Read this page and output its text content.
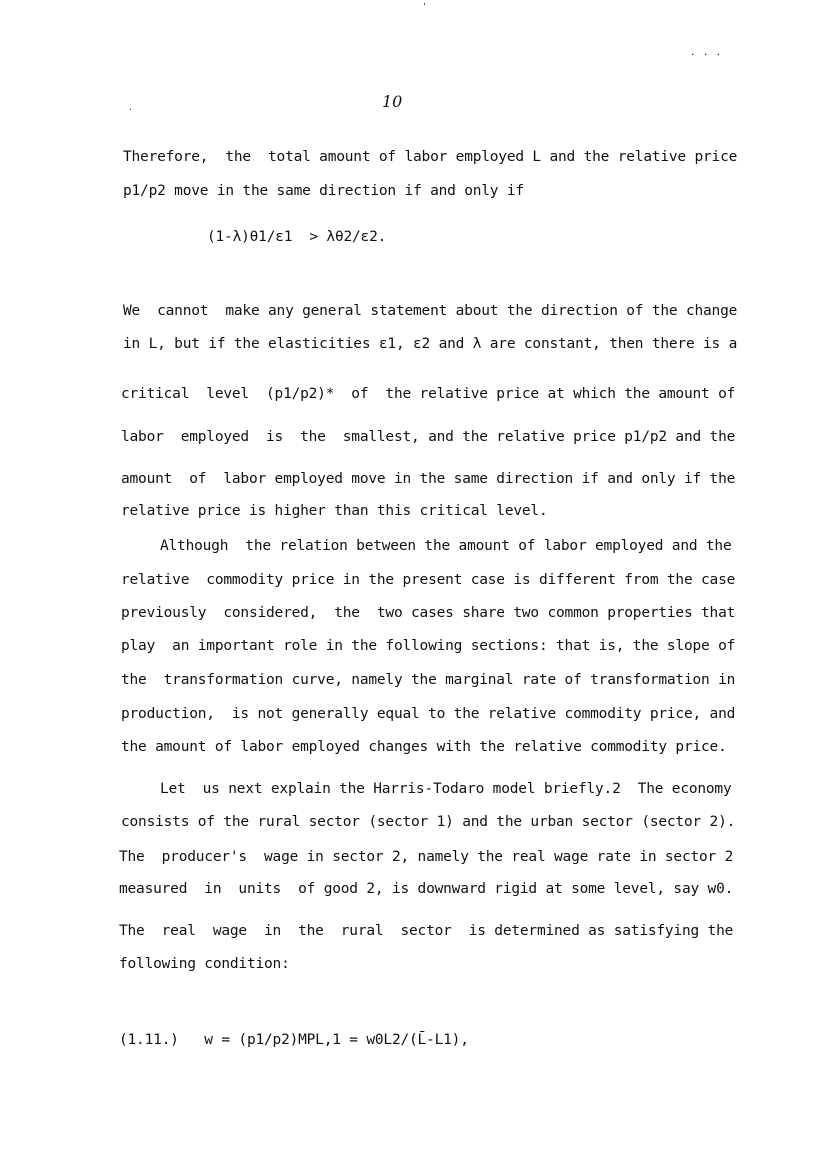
'
. . .
.	10
Therefore,  the  total amount of labor employed L and the relative price
p1/p2 move in the same direction if and only if
(1-λ)θ1/ε1  > λθ2/ε2.
We  cannot  make any general statement about the direction of the change
in L, but if the elasticities ε1, ε2 and λ are constant, then there is a
critical  level  (p1/p2)*  of  the relative price at which the amount of
labor  employed  is  the  smallest, and the relative price p1/p2 and the
amount  of  labor employed move in the same direction if and only if the
relative price is higher than this critical level.
Although  the relation between the amount of labor employed and the
relative  commodity price in the present case is different from the case
previously  considered,  the  two cases share two common properties that
play  an important role in the following sections: that is, the slope of
the  transformation curve, namely the marginal rate of transformation in
production,  is not generally equal to the relative commodity price, and
the amount of labor employed changes with the relative commodity price.
Let  us next explain the Harris-Todaro model briefly.2  The economy
consists of the rural sector (sector 1) and the urban sector (sector 2).
The  producer's  wage in sector 2, namely the real wage rate in sector 2
measured  in  units  of good 2, is downward rigid at some level, say w0.
The  real  wage  in  the  rural  sector  is determined as satisfying the
following condition:
(1.11.)   w = (p1/p2)MPL,1 = w0L2/(L̄-L1),
